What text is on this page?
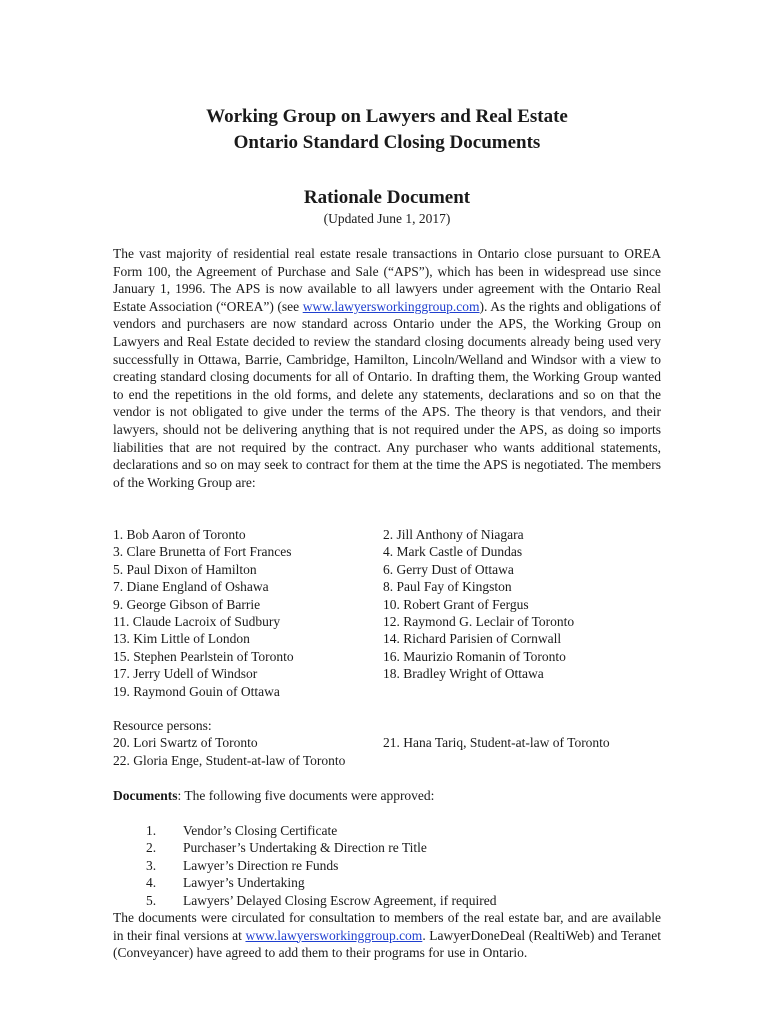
Working Group on Lawyers and Real Estate
Ontario Standard Closing Documents
Rationale Document
(Updated June 1, 2017)
The vast majority of residential real estate resale transactions in Ontario close pursuant to OREA Form 100, the Agreement of Purchase and Sale (“APS”), which has been in widespread use since January 1, 1996. The APS is now available to all lawyers under agreement with the Ontario Real Estate Association (“OREA”) (see www.lawyersworkinggroup.com). As the rights and obligations of vendors and purchasers are now standard across Ontario under the APS, the Working Group on Lawyers and Real Estate decided to review the standard closing documents already being used very successfully in Ottawa, Barrie, Cambridge, Hamilton, Lincoln/Welland and Windsor with a view to creating standard closing documents for all of Ontario. In drafting them, the Working Group wanted to end the repetitions in the old forms, and delete any statements, declarations and so on that the vendor is not obligated to give under the terms of the APS. The theory is that vendors, and their lawyers, should not be delivering anything that is not required under the APS, as doing so imports liabilities that are not required by the contract. Any purchaser who wants additional statements, declarations and so on may seek to contract for them at the time the APS is negotiated. The members of the Working Group are:
1. Bob Aaron of Toronto	2. Jill Anthony of Niagara
3. Clare Brunetta of Fort Frances	4. Mark Castle of Dundas
5. Paul Dixon of Hamilton	6. Gerry Dust of Ottawa
7. Diane England of Oshawa	8. Paul Fay of Kingston
9. George Gibson of Barrie	10. Robert Grant of Fergus
11. Claude Lacroix of Sudbury	12. Raymond G. Leclair of Toronto
13. Kim Little of London	14. Richard Parisien of Cornwall
15. Stephen Pearlstein of Toronto	16. Maurizio Romanin of Toronto
17. Jerry Udell of Windsor	18. Bradley Wright of Ottawa
19. Raymond Gouin of Ottawa
Resource persons:
20. Lori Swartz of Toronto	21. Hana Tariq, Student-at-law of Toronto
22. Gloria Enge, Student-at-law of Toronto
Documents: The following five documents were approved:
1.	Vendor’s Closing Certificate
2.	Purchaser’s Undertaking & Direction re Title
3.	Lawyer’s Direction re Funds
4.	Lawyer’s Undertaking
5.	Lawyers’ Delayed Closing Escrow Agreement, if required
The documents were circulated for consultation to members of the real estate bar, and are available in their final versions at www.lawyersworkinggroup.com. LawyerDoneDeal (RealtiWeb) and Teranet (Conveyancer) have agreed to add them to their programs for use in Ontario.
